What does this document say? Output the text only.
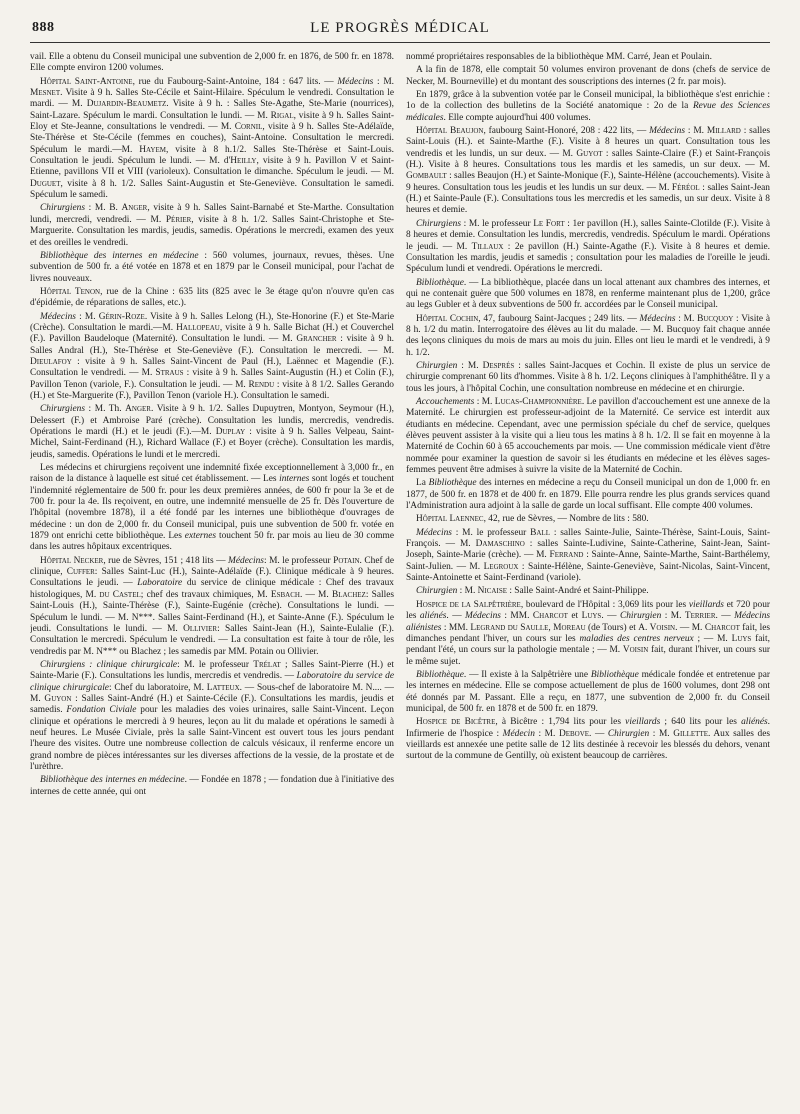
888	LE PROGRÈS MÉDICAL

vail. Elle a obtenu du Conseil municipal une subvention de 2,000 fr. en 1876, de 500 fr. en 1878. Elle compte environ 1200 volumes.

Hôpital Saint-Antoine, rue du Faubourg-Saint-Antoine, 184 : 647 lits. — Médecins : M. Mesnet. Visite à 9 h. Salles Ste-Cécile et Saint-Hilaire. Spéculum le vendredi. Consultation le mardi. — M. Dujardin-Beaumetz. Visite à 9 h. : Salles Ste-Agathe, Ste-Marie (nourrices), Saint-Lazare. Spéculum le mardi. Consultation le lundi. — M. Rigal, visite à 9 h. Salles Saint-Eloy et Ste-Jeanne, consultations le vendredi. — M. Cornil, visite à 9 h. Salles Ste-Adélaïde, Ste-Thérèse et Ste-Cécile (femmes en couches), Saint-Antoine. Consultation le mercredi. Spéculum le mardi.—M. Hayem, visite à 8 h.1/2. Salles Ste-Thérèse et Saint-Louis. Consultation le jeudi. Spéculum le lundi. — M. d'Heilly, visite à 9 h. Pavillon V et Saint-Etienne, pavillons VII et VIII (varioleux). Consultation le dimanche. Spéculum le jeudi. — M. Duguet, visite à 8 h. 1/2. Salles Saint-Augustin et Ste-Geneviève. Consultation le samedi. Spéculum le samedi.

Chirurgiens : M. B. Anger, visite à 9 h. Salles Saint-Barnabé et Ste-Marthe. Consultation lundi, mercredi, vendredi. — M. Périer, visite à 8 h. 1/2. Salles Saint-Christophe et Ste-Marguerite. Consultation les mardis, jeudis, samedis. Opérations le mercredi, examen des yeux et des oreilles le vendredi.

Bibliothèque des internes en médecine : 560 volumes, journaux, revues, thèses. Une subvention de 500 fr. a été votée en 1878 et en 1879 par le Conseil municipal, pour l'achat de livres nouveaux.

Hôpital Tenon, rue de la Chine : 635 lits (825 avec le 3e étage qu'on n'ouvre qu'en cas d'épidémie, de réparations de salles, etc.).

Médecins : M. Gérin-Roze. Visite à 9 h. Salles Lelong (H.), Ste-Honorine (F.) et Ste-Marie (Crèche). Consultation le mardi.—M. Hallopeau, visite à 9 h. Salle Bichat (H.) et Couverchel (F.). Pavillon Baudeloque (Maternité). Consultation le lundi. — M. Grancher : visite à 9 h. Salles Andral (H.), Ste-Thérèse et Ste-Geneviève (F.). Consultation le mercredi. — M. Dieulafoy : visite à 9 h. Salles Saint-Vincent de Paul (H.), Laënnec et Magendie (F.). Consultation le vendredi. — M. Straus : visite à 9 h. Salles Saint-Augustin (H.) et Colin (F.), Pavillon Tenon (variole, F.). Consultation le jeudi. — M. Rendu : visite à 8 1/2. Salles Gerando (H.) et Ste-Marguerite (F.), Pavillon Tenon (variole H.). Consultation le samedi.

Chirurgiens : M. Th. Anger. Visite à 9 h. 1/2. Salles Dupuytren, Montyon, Seymour (H.), Delessert (F.) et Ambroise Paré (crèche). Consultation les lundis, mercredis, vendredis. Opérations le mardi (H.) et le jeudi (F.).—M. Duplay : visite à 9 h. Salles Velpeau, Saint-Michel, Saint-Ferdinand (H.), Richard Wallace (F.) et Boyer (crèche). Consultation les mardis, jeudis, samedis. Opérations le lundi et le mercredi.

Les médecins et chirurgiens reçoivent une indemnité fixée exceptionnellement à 3,000 fr., en raison de la distance à laquelle est situé cet établissement. — Les internes sont logés et touchent l'indemnité réglementaire de 500 fr. pour les deux premières années, de 600 fr pour la 3e et de 700 fr. pour la 4e. Ils reçoivent, en outre, une indemnité mensuelle de 25 fr. Dès l'ouverture de l'hôpital (novembre 1878), il a été fondé par les internes une bibliothèque d'ouvrages de médecine : un don de 2,000 fr. du Conseil municipal, puis une subvention de 500 fr. votée en 1879 ont enrichi cette bibliothèque. Les externes touchent 50 fr. par mois au lieu de 30 comme dans les autres hôpitaux excentriques.

Hôpital Necker, rue de Sèvres, 151 ; 418 lits — Médecins: M. le professeur Potain. Chef de clinique, Cuffer: Salles Saint-Luc (H.), Sainte-Adélaïde (F.). Clinique médicale à 9 heures. Consultations le jeudi. — Laboratoire du service de clinique médicale : Chef des travaux histologiques, M. du Castel; chef des travaux chimiques, M. Esbach. — M. Blachez: Salles Saint-Louis (H.), Sainte-Thérèse (F.), Sainte-Eugénie (crèche). Consultations le lundi. — Spéculum le lundi. — M. N***. Salles Saint-Ferdinand (H.), et Sainte-Anne (F.). Spéculum le jeudi. Consultations le lundi. — M. Ollivier: Salles Saint-Jean (H.), Sainte-Eulalie (F.). Consultation le mercredi. Spéculum le vendredi. — La consultation est faite à tour de rôle, les vendredis par M. N*** ou Blachez ; les samedis par MM. Potain ou Ollivier.

Chirurgiens : clinique chirurgicale: M. le professeur Trélat ; Salles Saint-Pierre (H.) et Sainte-Marie (F.). Consultations les lundis, mercredis et vendredis. — Laboratoire du service de clinique chirurgicale: Chef du laboratoire, M. Latteux. — Sous-chef de laboratoire M. N.... — M. Guyon : Salles Saint-André (H.) et Sainte-Cécile (F.). Consultations les mardis, jeudis et samedis. Fondation Civiale pour les maladies des voies urinaires, salle Saint-Vincent. Leçon clinique et opérations le mercredi à 9 heures, leçon au lit du malade et opérations le samedi à neuf heures. Le Musée Civiale, près la salle Saint-Vincent est ouvert tous les jours pendant l'heure des visites. Outre une nombreuse collection de calculs vésicaux, il renferme encore un grand nombre de pièces intéressantes sur les diverses affections de la vessie, de la prostate et de l'urèthre.

Bibliothèque des internes en médecine. — Fondée en 1878 ; — fondation due à l'initiative des internes de cette année, qui ont

nommé propriétaires responsables de la bibliothèque MM. Carré, Jean et Poulain.

A la fin de 1878, elle comptait 50 volumes environ provenant de dons (chefs de service de Necker, M. Bourneville) et du montant des souscriptions des internes (2 fr. par mois).

En 1879, grâce à la subvention votée par le Conseil municipal, la bibliothèque s'est enrichie : 1o de la collection des bulletins de la Société anatomique : 2o de la Revue des Sciences médicales. Elle compte aujourd'hui 400 volumes.

Hôpital Beaujon, faubourg Saint-Honoré, 208 : 422 lits, — Médecins : M. Millard : salles Saint-Louis (H.). et Sainte-Marthe (F.). Visite à 8 heures un quart. Consultation tous les vendredis et les lundis, un sur deux. — M. Guyot : salles Sainte-Claire (F.) et Saint-François (H.). Visite à 8 heures. Consultations tous les mardis et les samedis, un sur deux. — M. Gombault : salles Beaujon (H.) et Sainte-Monique (F.), Sainte-Hélène (accouchements). Visite à 9 heures. Consultation tous les jeudis et les lundis un sur deux. — M. Féréol : salles Saint-Jean (H.) et Sainte-Paule (F.). Consultations tous les mercredis et les samedis, un sur deux. Visite à 8 heures et demie.

Chirurgiens : M. le professeur Le Fort : 1er pavillon (H.), salles Sainte-Clotilde (F.). Visite à 8 heures et demie. Consultation les lundis, mercredis, vendredis. Spéculum le mardi. Opérations le jeudi. — M. Tillaux : 2e pavillon (H.) Sainte-Agathe (F.). Visite à 8 heures et demie. Consultation les mardis, jeudis et samedis ; consultation pour les maladies de l'oreille le jeudi. Spéculum lundi et vendredi. Opérations le mercredi.

Bibliothèque. — La bibliothèque, placée dans un local attenant aux chambres des internes, et qui ne contenait guère que 500 volumes en 1878, en renferme maintenant plus de 1,200, grâce au legs Gubler et à deux subventions de 500 fr. accordées par le Conseil municipal.

Hôpital Cochin, 47, faubourg Saint-Jacques ; 249 lits. — Médecins : M. Bucquoy : Visite à 8 h. 1/2 du matin. Interrogatoire des élèves au lit du malade. — M. Bucquoy fait chaque année des leçons cliniques du mois de mars au mois du juin. Elles ont lieu le mardi et le vendredi, à 9 h. 1/2.

Chirurgien : M. Després : salles Saint-Jacques et Cochin. Il existe de plus un service de chirurgie comprenant 60 lits d'hommes. Visite à 8 h. 1/2. Leçons cliniques à l'amphithéâtre. Il y a tous les jours, à l'hôpital Cochin, une consultation nombreuse en médecine et en chirurgie.

Accouchements : M. Lucas-Championnière. Le pavillon d'accouchement est une annexe de la Maternité. Le chirurgien est professeur-adjoint de la Maternité. Ce service est interdit aux étudiants en médecine. Cependant, avec une permission spéciale du chef de service, quelques élèves peuvent assister à la visite qui a lieu tous les matins à 8 h. 1/2. Il se fait en moyenne à la Maternité de Cochin 60 à 65 accouchements par mois. — Une commission médicale vient d'être nommée pour examiner la question de savoir si les étudiants en médecine et les élèves sages-femmes peuvent être admises à suivre la visite de la Maternité de Cochin.

La Bibliothèque des internes en médecine a reçu du Conseil municipal un don de 1,000 fr. en 1877, de 500 fr. en 1878 et de 400 fr. en 1879. Elle pourra rendre les plus grands services quand l'Administration aura adjoint à la salle de garde un local suffisant. Elle compte 400 volumes.

Hôpital Laennec, 42, rue de Sèvres, — Nombre de lits : 580.

Médecins : M. le professeur Ball : salles Sainte-Julie, Sainte-Thérèse, Saint-Louis, Saint-François. — M. Damaschino : salles Sainte-Ludivine, Sainte-Catherine, Saint-Jean, Saint-Joseph, Sainte-Marie (crèche). — M. Ferrand : Sainte-Anne, Sainte-Marthe, Saint-Barthélemy, Saint-Julien. — M. Legroux : Sainte-Hélène, Sainte-Geneviève, Saint-Nicolas, Saint-Vincent, Sainte-Antoinette et Saint-Ferdinand (variole).

Chirurgien : M. Nicaise : Salle Saint-André et Saint-Philippe.

Hospice de la Salpêtrière, boulevard de l'Hôpital : 3,069 lits pour les vieillards et 720 pour les aliénés. — Médecins : MM. Charcot et Luys. — Chirurgien : M. Terrier. — Médecins aliénistes : MM. Legrand du Saulle, Moreau (de Tours) et A. Voisin. — M. Charcot fait, les dimanches pendant l'hiver, un cours sur les maladies des centres nerveux ; — M. Luys fait, pendant l'été, un cours sur la pathologie mentale ; — M. Voisin fait, durant l'hiver, un cours sur le même sujet.

Bibliothèque. — Il existe à la Salpêtrière une Bibliothèque médicale fondée et entretenue par les internes en médecine. Elle se compose actuellement de plus de 1600 volumes, dont 298 ont été donnés par M. Passant. Elle a reçu, en 1877, une subvention de 2,000 fr. du Conseil municipal, de 500 fr. en 1878 et de 500 fr. en 1879.

Hospice de Bicêtre, à Bicêtre : 1,794 lits pour les vieillards ; 640 lits pour les aliénés. Infirmerie de l'hospice : Médecin : M. Debove. — Chirurgien : M. Gillette. Aux salles des vieillards est annexée une petite salle de 12 lits destinée à recevoir les blessés du dehors, venant surtout de la commune de Gentilly, où existent beaucoup de carrières.
